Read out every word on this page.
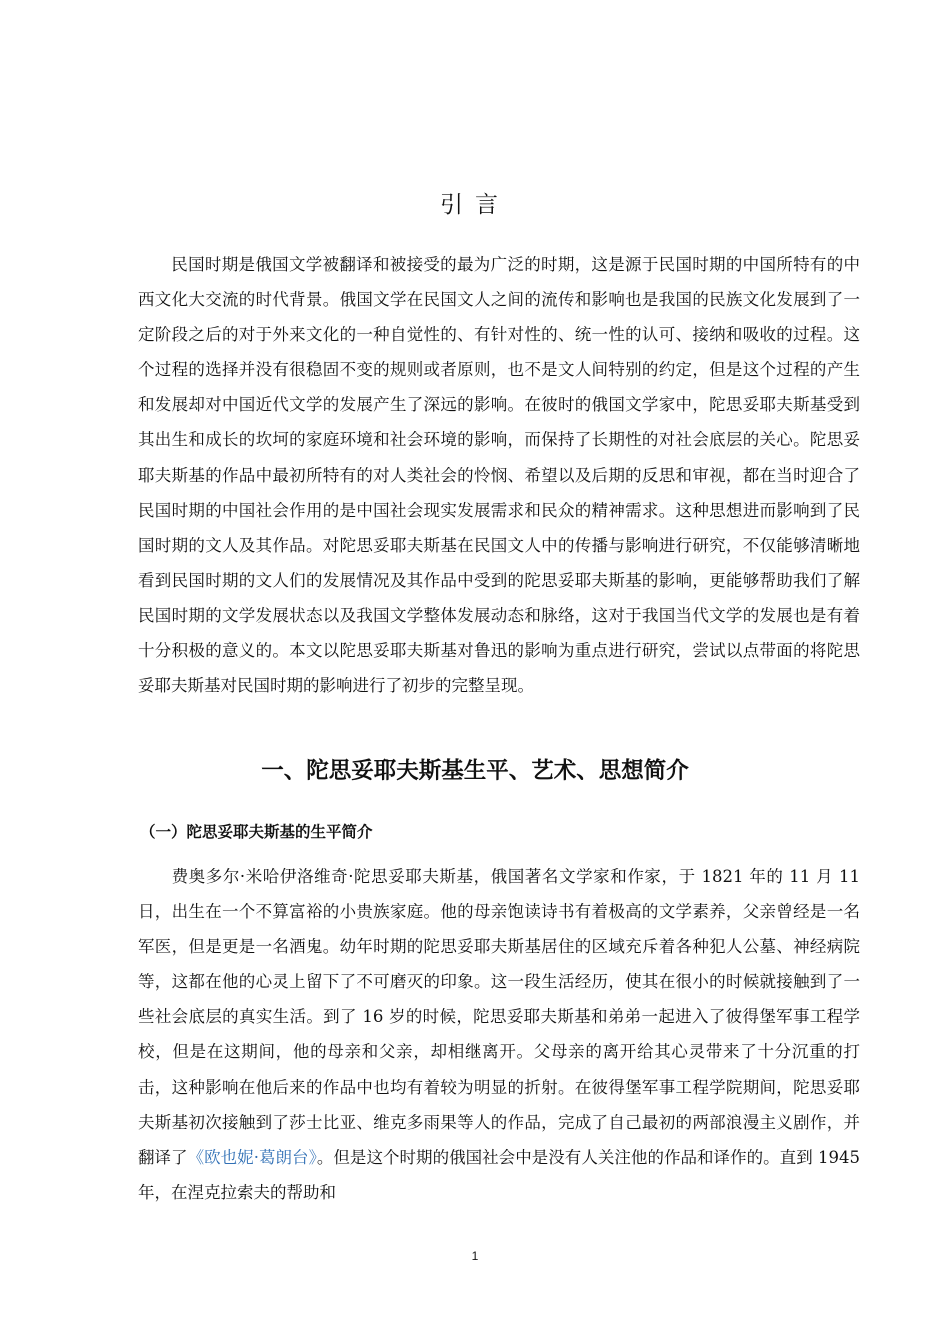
引言
民国时期是俄国文学被翻译和被接受的最为广泛的时期，这是源于民国时期的中国所特有的中西文化大交流的时代背景。俄国文学在民国文人之间的流传和影响也是我国的民族文化发展到了一定阶段之后的对于外来文化的一种自觉性的、有针对性的、统一性的认可、接纳和吸收的过程。这个过程的选择并没有很稳固不变的规则或者原则，也不是文人间特别的约定，但是这个过程的产生和发展却对中国近代文学的发展产生了深远的影响。在彼时的俄国文学家中，陀思妥耶夫斯基受到其出生和成长的坎坷的家庭环境和社会环境的影响，而保持了长期性的对社会底层的关心。陀思妥耶夫斯基的作品中最初所特有的对人类社会的怜悯、希望以及后期的反思和审视，都在当时迎合了民国时期的中国社会作用的是中国社会现实发展需求和民众的精神需求。这种思想进而影响到了民国时期的文人及其作品。对陀思妥耶夫斯基在民国文人中的传播与影响进行研究，不仅能够清晰地看到民国时期的文人们的发展情况及其作品中受到的陀思妥耶夫斯基的影响，更能够帮助我们了解民国时期的文学发展状态以及我国文学整体发展动态和脉络，这对于我国当代文学的发展也是有着十分积极的意义的。本文以陀思妥耶夫斯基对鲁迅的影响为重点进行研究，尝试以点带面的将陀思妥耶夫斯基对民国时期的影响进行了初步的完整呈现。
一、陀思妥耶夫斯基生平、艺术、思想简介
（一）陀思妥耶夫斯基的生平简介
费奥多尔·米哈伊洛维奇·陀思妥耶夫斯基，俄国著名文学家和作家，于 1821 年的 11 月 11 日，出生在一个不算富裕的小贵族家庭。他的母亲饱读诗书有着极高的文学素养，父亲曾经是一名军医，但是更是一名酒鬼。幼年时期的陀思妥耶夫斯基居住的区域充斥着各种犯人公墓、神经病院等，这都在他的心灵上留下了不可磨灭的印象。这一段生活经历，使其在很小的时候就接触到了一些社会底层的真实生活。到了 16 岁的时候，陀思妥耶夫斯基和弟弟一起进入了彼得堡军事工程学校，但是在这期间，他的母亲和父亲，却相继离开。父母亲的离开给其心灵带来了十分沉重的打击，这种影响在他后来的作品中也均有着较为明显的折射。在彼得堡军事工程学院期间，陀思妥耶夫斯基初次接触到了莎士比亚、维克多雨果等人的作品，完成了自己最初的两部浪漫主义剧作，并翻译了《欧也妮·葛朗台》。但是这个时期的俄国社会中是没有人关注他的作品和译作的。直到 1945 年，在涅克拉索夫的帮助和
1
